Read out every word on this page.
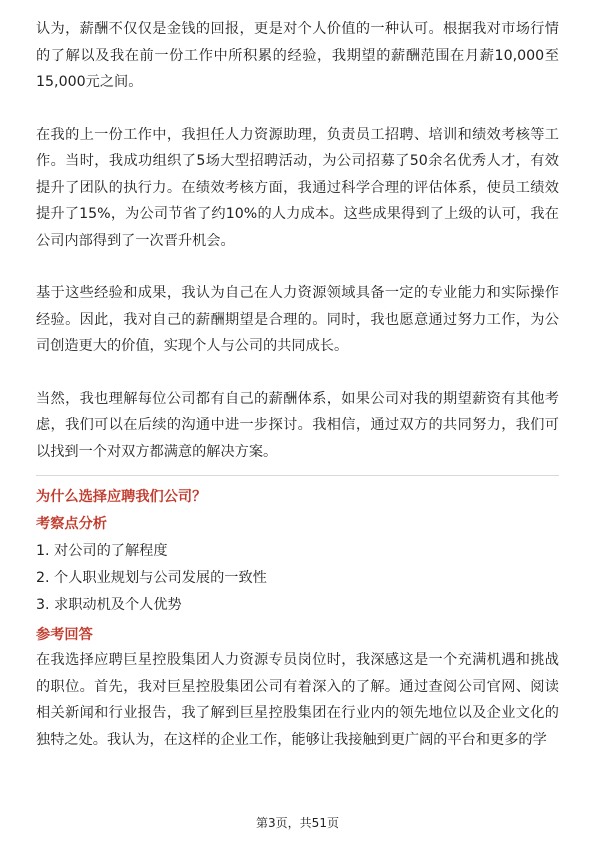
认为，薪酬不仅仅是金钱的回报，更是对个人价值的一种认可。根据我对市场行情的了解以及我在前一份工作中所积累的经验，我期望的薪酬范围在月薪10,000至15,000元之间。

在我的上一份工作中，我担任人力资源助理，负责员工招聘、培训和绩效考核等工作。当时，我成功组织了5场大型招聘活动，为公司招募了50余名优秀人才，有效提升了团队的执行力。在绩效考核方面，我通过科学合理的评估体系，使员工绩效提升了15%，为公司节省了约10%的人力成本。这些成果得到了上级的认可，我在公司内部得到了一次晋升机会。

基于这些经验和成果，我认为自己在人力资源领域具备一定的专业能力和实际操作经验。因此，我对自己的薪酬期望是合理的。同时，我也愿意通过努力工作，为公司创造更大的价值，实现个人与公司的共同成长。

当然，我也理解每位公司都有自己的薪酬体系，如果公司对我的期望薪资有其他考虑，我们可以在后续的沟通中进一步探讨。我相信，通过双方的共同努力，我们可以找到一个对双方都满意的解决方案。

为什么选择应聘我们公司？

考察点分析

1. 对公司的了解程度
2. 个人职业规划与公司发展的一致性
3. 求职动机及个人优势

参考回答

在我选择应聘巨星控股集团人力资源专员岗位时，我深感这是一个充满机遇和挑战的职位。首先，我对巨星控股集团公司有着深入的了解。通过查阅公司官网、阅读相关新闻和行业报告，我了解到巨星控股集团在行业内的领先地位以及企业文化的独特之处。我认为，在这样的企业工作，能够让我接触到更广阔的平台和更多的学

第3页，共51页
